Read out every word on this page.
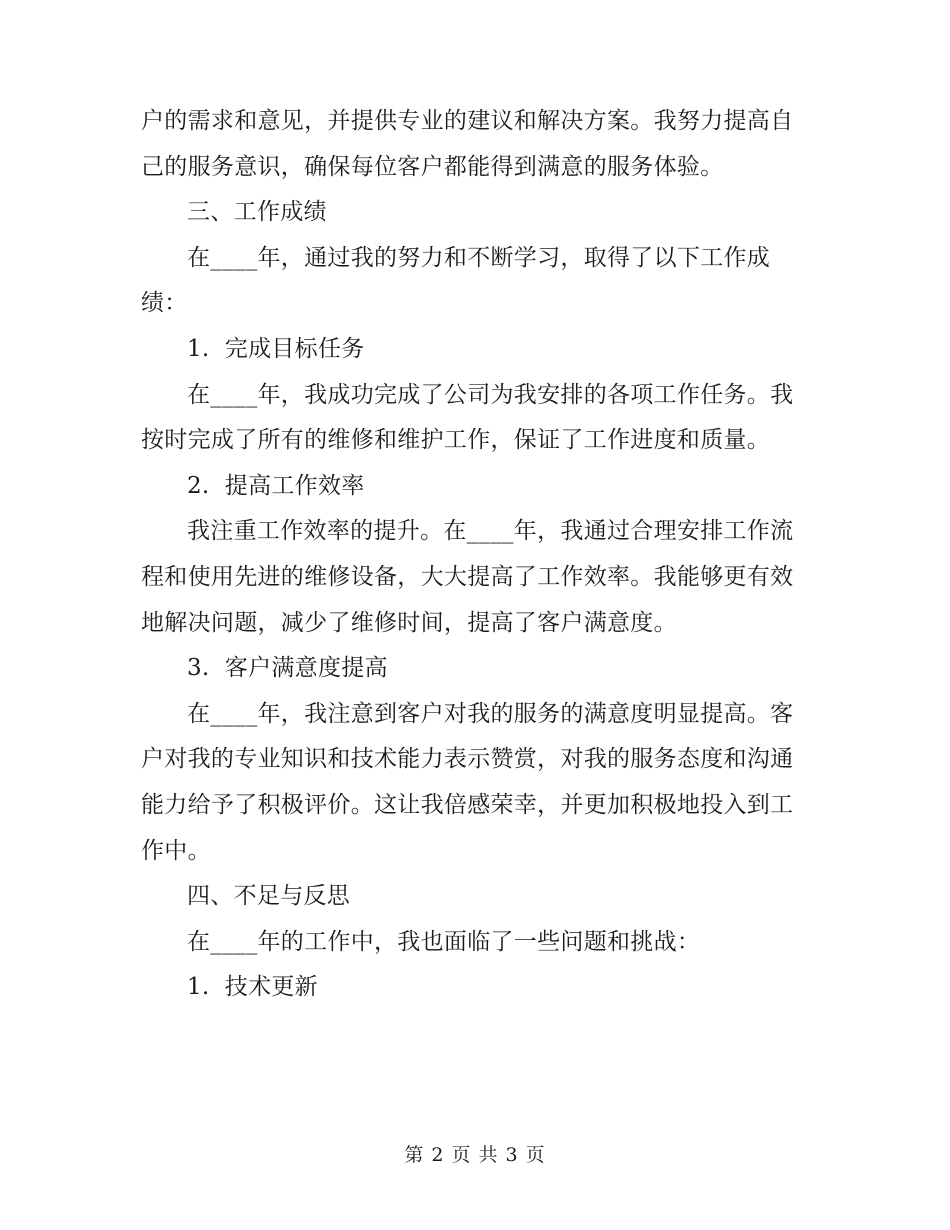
户的需求和意见，并提供专业的建议和解决方案。我努力提高自己的服务意识，确保每位客户都能得到满意的服务体验。

三、工作成绩

在____年，通过我的努力和不断学习，取得了以下工作成绩：

1.  完成目标任务

在____年，我成功完成了公司为我安排的各项工作任务。我按时完成了所有的维修和维护工作，保证了工作进度和质量。

2.  提高工作效率

我注重工作效率的提升。在____年，我通过合理安排工作流程和使用先进的维修设备，大大提高了工作效率。我能够更有效地解决问题，减少了维修时间，提高了客户满意度。

3.  客户满意度提高

在____年，我注意到客户对我的服务的满意度明显提高。客户对我的专业知识和技术能力表示赞赏，对我的服务态度和沟通能力给予了积极评价。这让我倍感荣幸，并更加积极地投入到工作中。

四、不足与反思

在____年的工作中，我也面临了一些问题和挑战：

1.  技术更新

第 2 页 共 3 页
